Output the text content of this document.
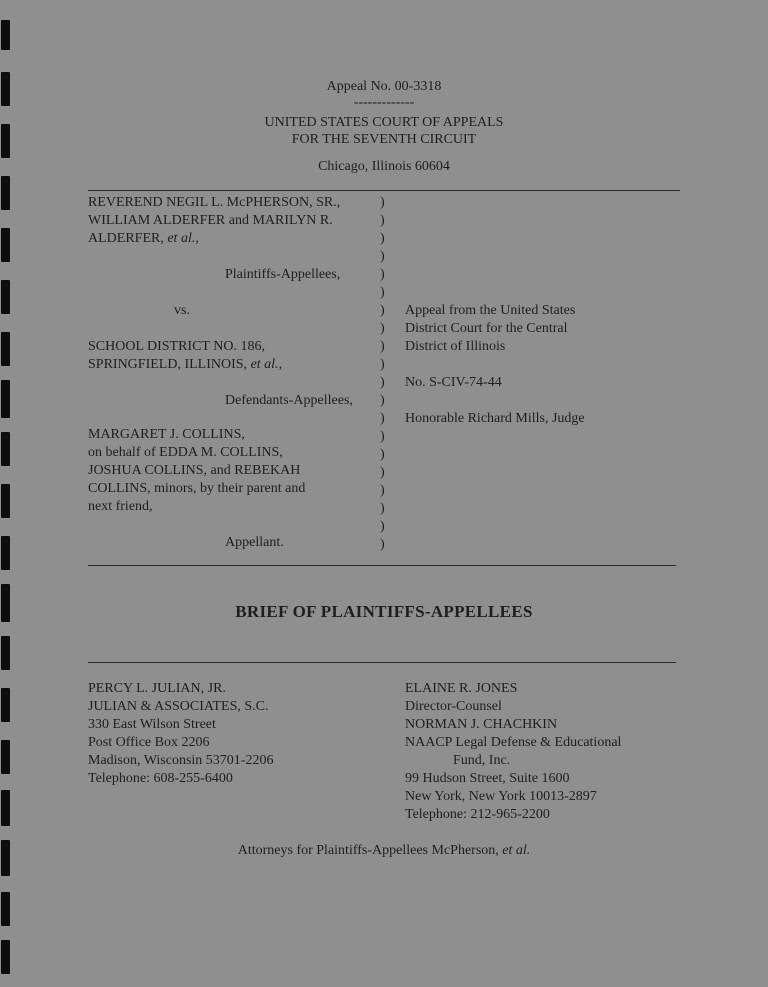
Appeal No. 00-3318
-------------
UNITED STATES COURT OF APPEALS
FOR THE SEVENTH CIRCUIT
Chicago, Illinois 60604
REVEREND NEGIL L. McPHERSON, SR.,
WILLIAM ALDERFER and MARILYN R.
ALDERFER, et al.,
Plaintiffs-Appellees,
vs.
SCHOOL DISTRICT NO. 186,
SPRINGFIELD, ILLINOIS, et al.,
Defendants-Appellees,
MARGARET J. COLLINS,
on behalf of EDDA M. COLLINS,
JOSHUA COLLINS, and REBEKAH
COLLINS, minors, by their parent and
next friend,
Appellant.
)
)
)
)
)
)
)
)
)
)
)
)
)
)
)
)
)
)
)
)
Appeal from the United States
District Court for the Central
District of Illinois
No. S-CIV-74-44
Honorable Richard Mills, Judge
BRIEF OF PLAINTIFFS-APPELLEES
PERCY L. JULIAN, JR.
JULIAN & ASSOCIATES, S.C.
330 East Wilson Street
Post Office Box 2206
Madison, Wisconsin 53701-2206
Telephone: 608-255-6400
ELAINE R. JONES
Director-Counsel
NORMAN J. CHACHKIN
NAACP Legal Defense & Educational
Fund, Inc.
99 Hudson Street, Suite 1600
New York, New York 10013-2897
Telephone: 212-965-2200
Attorneys for Plaintiffs-Appellees McPherson, et al.
